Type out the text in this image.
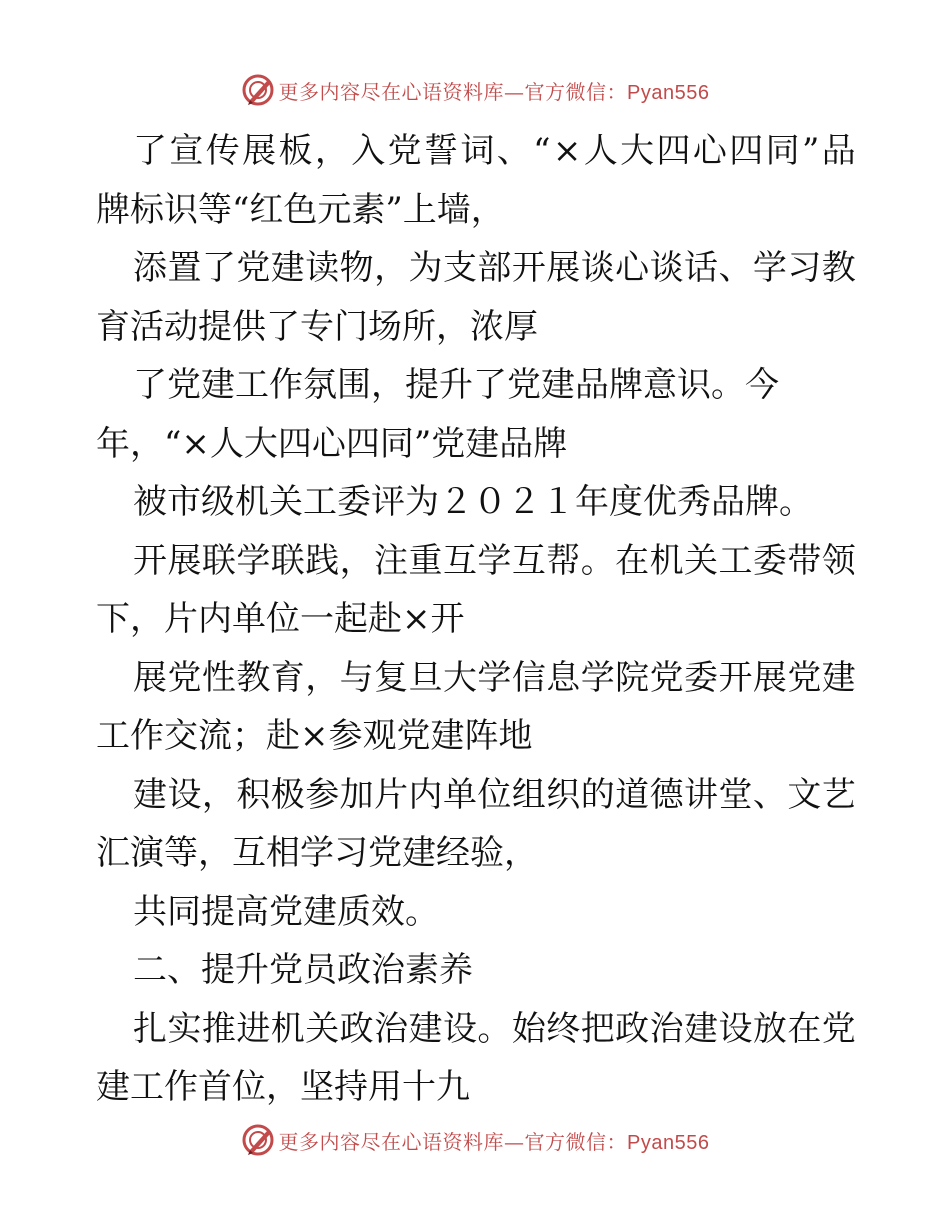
更多内容尽在心语资料库—官方微信：Pyan556
了 宣 传 展 板 ， 入 党 誓 词 、 “ × 人 大 四 心 四 同 ” 品
牌标识等“红色元素”上墙，
添 置 了 党 建 读 物 ， 为 支 部 开 展 谈 心 谈 话 、 学 习 教
育活动提供了专门场所，浓厚
了党建工作氛围，提升了党建品牌意识。今
年，“×人大四心四同”党建品牌
被市级机关工委评为２０２１年度优秀品牌。
开 展 联 学 联 践 ， 注 重 互 学 互 帮 。 在 机 关 工 委 带 领
下，片内单位一起赴×开
展 党 性 教 育 ， 与 复 旦 大 学 信 息 学 院 党 委 开 展 党 建
工作交流；赴×参观党建阵地
建 设 ， 积 极 参 加 片 内 单 位 组 织 的 道 德 讲 堂 、 文 艺
汇演等，互相学习党建经验，
共同提高党建质效。
二、提升党员政治素养
扎 实 推 进 机 关 政 治 建 设 。 始 终 把 政 治 建 设 放 在 党
建工作首位，坚持用十九
更多内容尽在心语资料库—官方微信：Pyan556
